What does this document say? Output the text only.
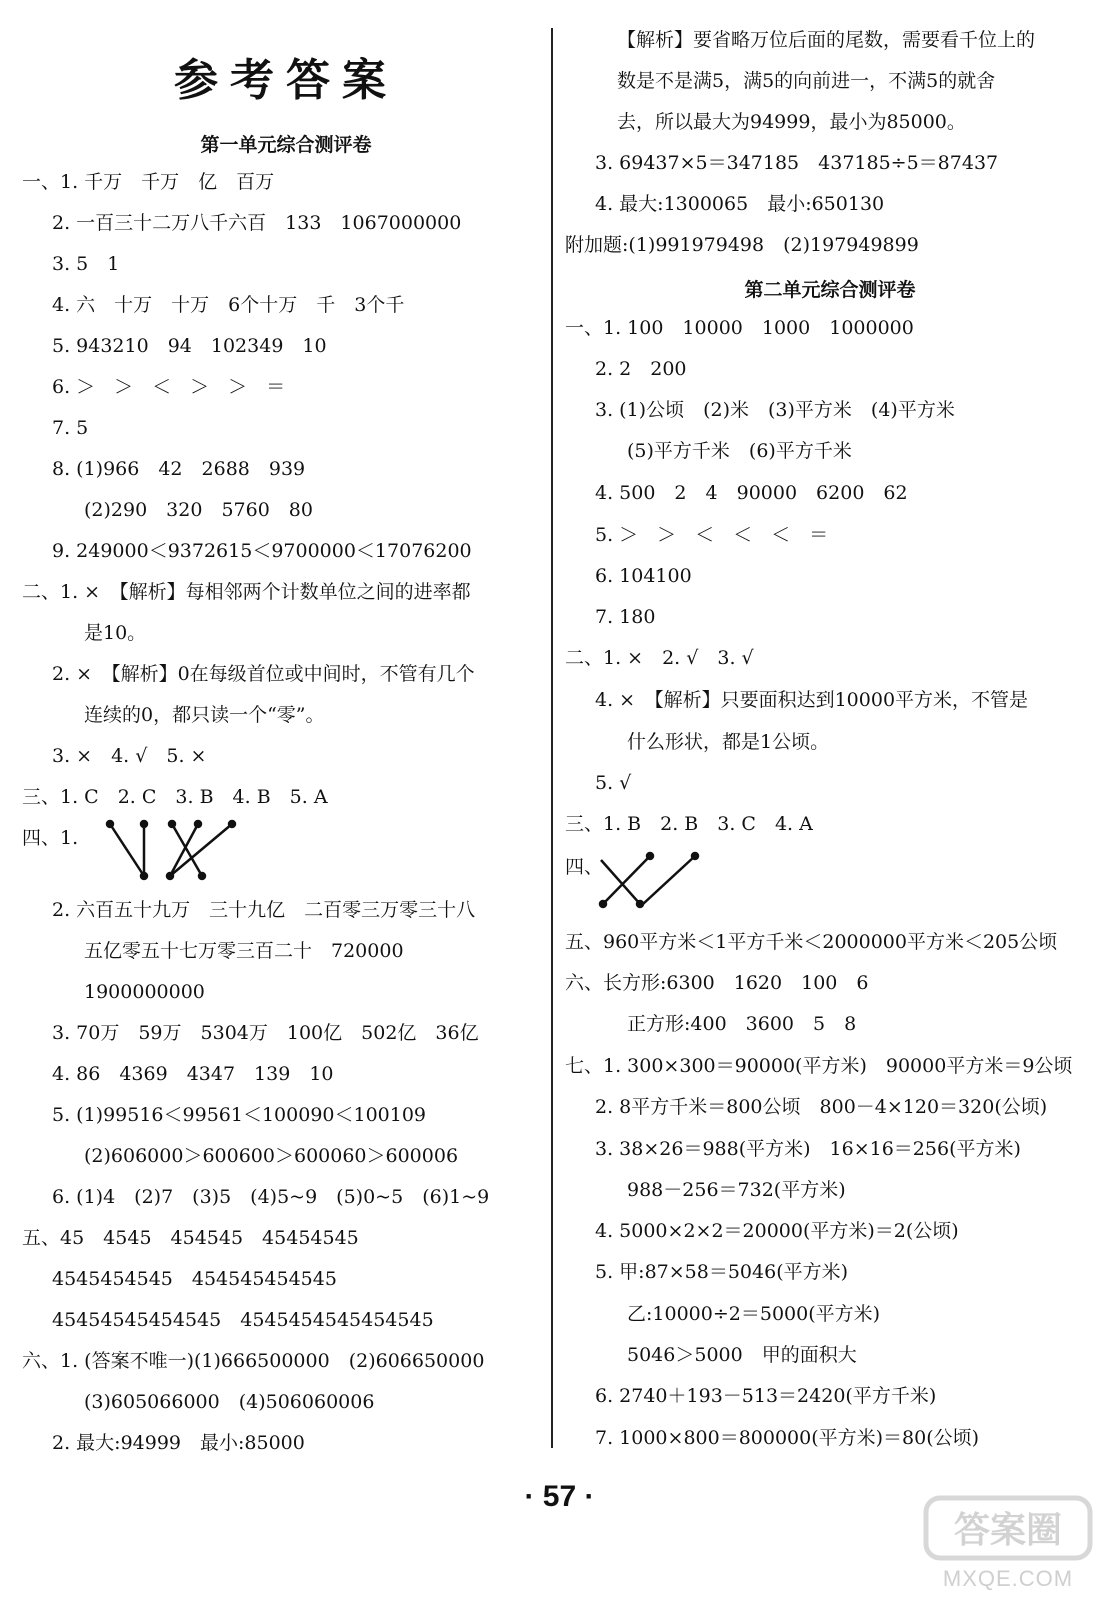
参考答案
第一单元综合测评卷
一、1. 千万　千万　亿　百万
2. 一百三十二万八千六百　133　1067000000
3. 5　1
4. 六　十万　十万　6个十万　千　3个千
5. 943210　94　102349　10
6. ＞　＞　＜　＞　＞　＝
7. 5
8. (1)966　42　2688　939
(2)290　320　5760　80
9. 249000＜9372615＜9700000＜17076200
二、1. ×　【解析】每相邻两个计数单位之间的进率都
是10。
2. ×　【解析】0在每级首位或中间时，不管有几个
连续的0，都只读一个“零”。
3. ×　4. √　5. ×
三、1. C　2. C　3. B　4. B　5. A
四、1.
2. 六百五十九万　三十九亿　二百零三万零三十八
五亿零五十七万零三百二十　720000
1900000000
3. 70万　59万　5304万　100亿　502亿　36亿
4. 86　4369　4347　139　10
5. (1)99516＜99561＜100090＜100109
(2)606000＞600600＞600060＞600006
6. (1)4　(2)7　(3)5　(4)5~9　(5)0~5　(6)1~9
五、45　4545　454545　45454545
4545454545　454545454545
45454545454545　4545454545454545
六、1. (答案不唯一)(1)666500000　(2)606650000
(3)605066000　(4)506060006
2. 最大:94999　最小:85000
【解析】要省略万位后面的尾数，需要看千位上的
数是不是满5，满5的向前进一，不满5的就舍
去，所以最大为94999，最小为85000。
3. 69437×5＝347185　437185÷5＝87437
4. 最大:1300065　最小:650130
附加题:(1)991979498　(2)197949899
第二单元综合测评卷
一、1. 100　10000　1000　1000000
2. 2　200
3. (1)公顷　(2)米　(3)平方米　(4)平方米
(5)平方千米　(6)平方千米
4. 500　2　4　90000　6200　62
5. ＞　＞　＜　＜　＜　＝
6. 104100
7. 180
二、1. ×　2. √　3. √
4. ×　【解析】只要面积达到10000平方米，不管是
什么形状，都是1公顷。
5. √
三、1. B　2. B　3. C　4. A
四、
五、960平方米＜1平方千米＜2000000平方米＜205公顷
六、长方形:6300　1620　100　6
正方形:400　3600　5　8
七、1. 300×300＝90000(平方米)　90000平方米＝9公顷
2. 8平方千米＝800公顷　800－4×120＝320(公顷)
3. 38×26＝988(平方米)　16×16＝256(平方米)
988－256＝732(平方米)
4. 5000×2×2＝20000(平方米)＝2(公顷)
5. 甲:87×58＝5046(平方米)
乙:10000÷2＝5000(平方米)
5046＞5000　甲的面积大
6. 2740＋193－513＝2420(平方千米)
7. 1000×800＝800000(平方米)＝80(公顷)
· 57 ·
答案圈
MXQE.COM
